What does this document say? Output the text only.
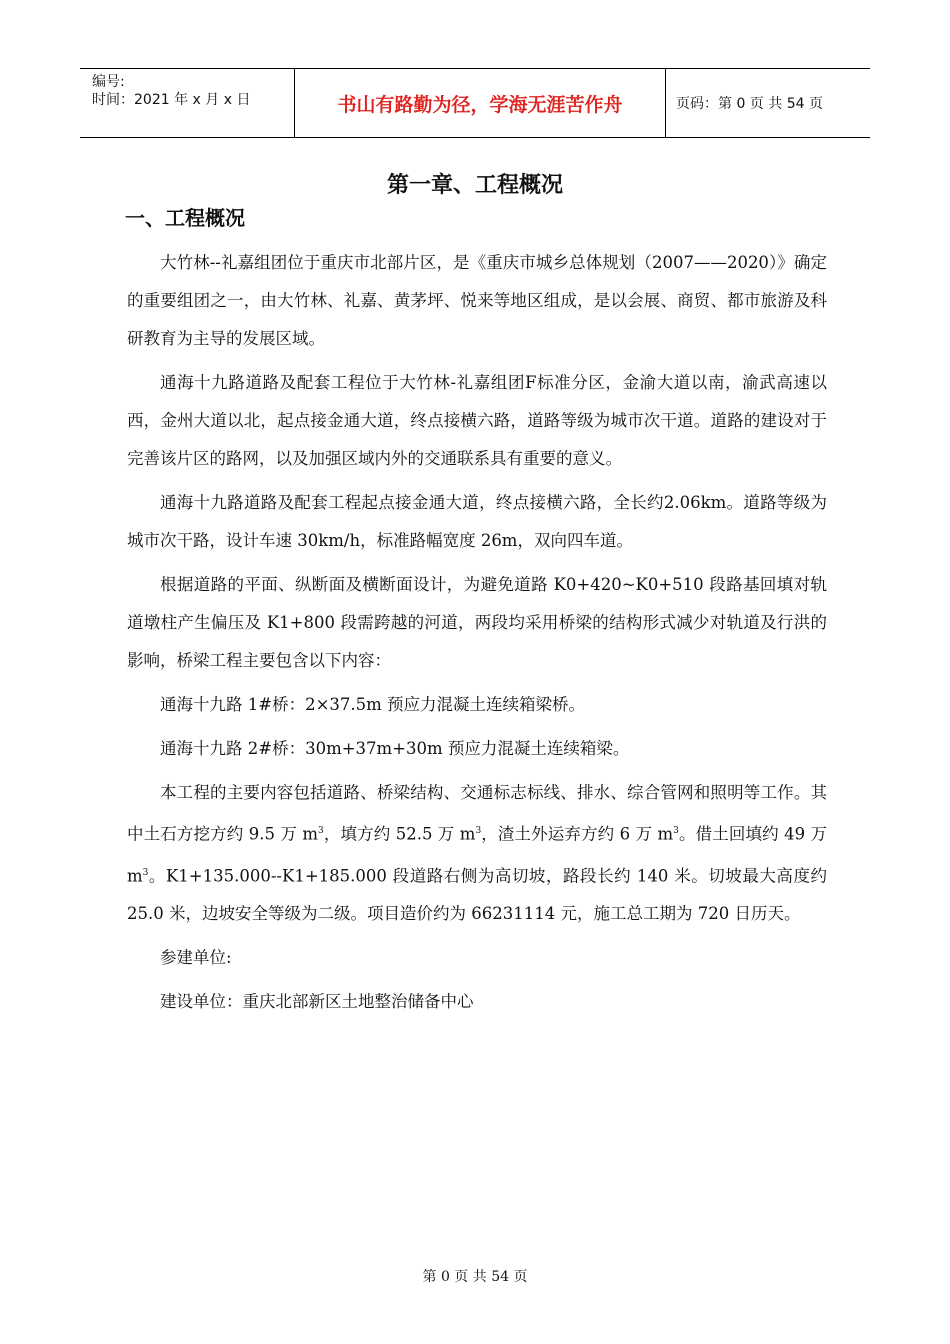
编号:
时间：2021 年 x 月 x 日	书山有路勤为径，学海无涯苦作舟	页码：第 0 页 共 54 页
第一章、工程概况
一、工程概况

大竹林--礼嘉组团位于重庆市北部片区，是《重庆市城乡总体规划（2007——2020）》确定的重要组团之一，由大竹林、礼嘉、黄茅坪、悦来等地区组成，是以会展、商贸、都市旅游及科研教育为主导的发展区域。

通海十九路道路及配套工程位于大竹林-礼嘉组团F标准分区，金渝大道以南，渝武高速以西，金州大道以北，起点接金通大道，终点接横六路，道路等级为城市次干道。道路的建设对于完善该片区的路网，以及加强区域内外的交通联系具有重要的意义。

通海十九路道路及配套工程起点接金通大道，终点接横六路，全长约2.06km。道路等级为城市次干路，设计车速 30km/h，标准路幅宽度 26m，双向四车道。

根据道路的平面、纵断面及横断面设计，为避免道路 K0+420~K0+510 段路基回填对轨道墩柱产生偏压及 K1+800 段需跨越的河道，两段均采用桥梁的结构形式减少对轨道及行洪的影响，桥梁工程主要包含以下内容：

通海十九路 1#桥：2×37.5m 预应力混凝土连续箱梁桥。

通海十九路 2#桥：30m+37m+30m 预应力混凝土连续箱梁。

本工程的主要内容包括道路、桥梁结构、交通标志标线、排水、综合管网和照明等工作。其中土石方挖方约 9.5 万 $m^3$，填方约 52.5 万 $m^3$，渣土外运弃方约 6 万 $m^3$。借土回填约 49 万 $m^3$。K1+135.000--K1+185.000 段道路右侧为高切坡，路段长约 140 米。切坡最大高度约 25.0 米，边坡安全等级为二级。项目造价约为 66231114 元，施工总工期为 720 日历天。

参建单位:

建设单位：重庆北部新区土地整治储备中心

第 0 页 共 54 页
